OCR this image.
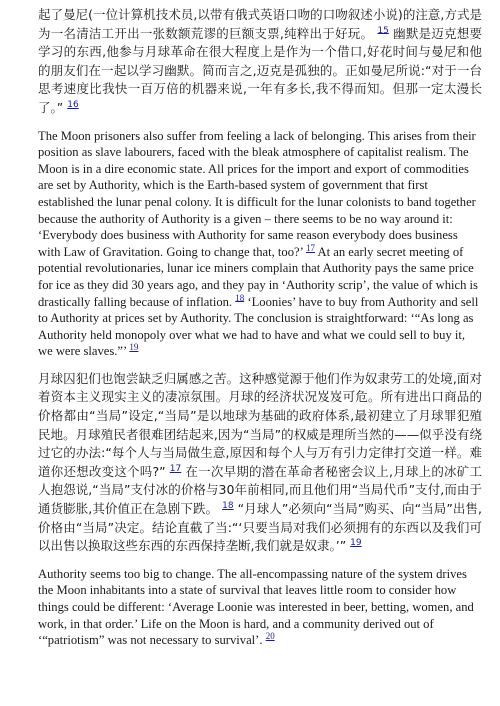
起了曼尼(一位计算机技术员,以带有俄式英语口吻的口吻叙述小说)的注意,方式是为一名清洁工开出一张数额荒谬的巨额支票,纯粹出于好玩。 $^{15}$ 幽默是迈克想要学习的东西,他参与月球革命在很大程度上是作为一个借口,好花时间与曼尼和他的朋友们在一起以学习幽默。简而言之,迈克是孤独的。正如曼尼所说:“对于一台思考速度比我快一百万倍的机器来说,一年有多长,我不得而知。但那一定太漫长了。” $^{16}$

The Moon prisoners also suffer from feeling a lack of belonging. This arises from their position as slave labourers, faced with the bleak atmosphere of capitalist realism. The Moon is in a dire economic state. All prices for the import and export of commodities are set by Authority, which is the Earth-based system of government that first established the lunar penal colony. It is difficult for the lunar colonists to band together because the authority of Authority is a given – there seems to be no way around it: ‘Everybody does business with Authority for same reason everybody does business with Law of Gravitation. Going to change that, too?’ $^{17}$ At an early secret meeting of potential revolutionaries, lunar ice miners complain that Authority pays the same price for ice as they did 30 years ago, and they pay in ‘Authority scrip’, the value of which is drastically falling because of inflation. $^{18}$ ‘Loonies’ have to buy from Authority and sell to Authority at prices set by Authority. The conclusion is straightforward: ‘“As long as Authority held monopoly over what we had to have and what we could sell to buy it, we were slaves.”’ $^{19}$

月球囚犯们也饱尝缺乏归属感之苦。这种感觉源于他们作为奴隶劳工的处境,面对着资本主义现实主义的凄凉氛围。月球的经济状况岌岌可危。所有进出口商品的价格都由“当局”设定,“当局”是以地球为基础的政府体系,最初建立了月球罪犯殖民地。月球殖民者很难团结起来,因为“当局”的权威是理所当然的——似乎没有绕过它的办法:“每个人与当局做生意,原因和每个人与万有引力定律打交道一样。难道你还想改变这个吗?” $^{17}$ 在一次早期的潜在革命者秘密会议上,月球上的冰矿工人抱怨说,“当局”支付冰的价格与30年前相同,而且他们用“当局代币”支付,而由于通货膨胀,其价值正在急剧下跌。 $^{18}$ “月球人”必须向“当局”购买、向“当局”出售,价格由“当局”决定。结论直截了当:“‘只要当局对我们必须拥有的东西以及我们可以出售以换取这些东西的东西保持垄断,我们就是奴隶。’” $^{19}$

Authority seems too big to change. The all-encompassing nature of the system drives the Moon inhabitants into a state of survival that leaves little room to consider how things could be different: ‘Average Loonie was interested in beer, betting, women, and work, in that order.’ Life on the Moon is hard, and a community derived out of ‘“patriotism” was not necessary to survival’. $^{20}$
